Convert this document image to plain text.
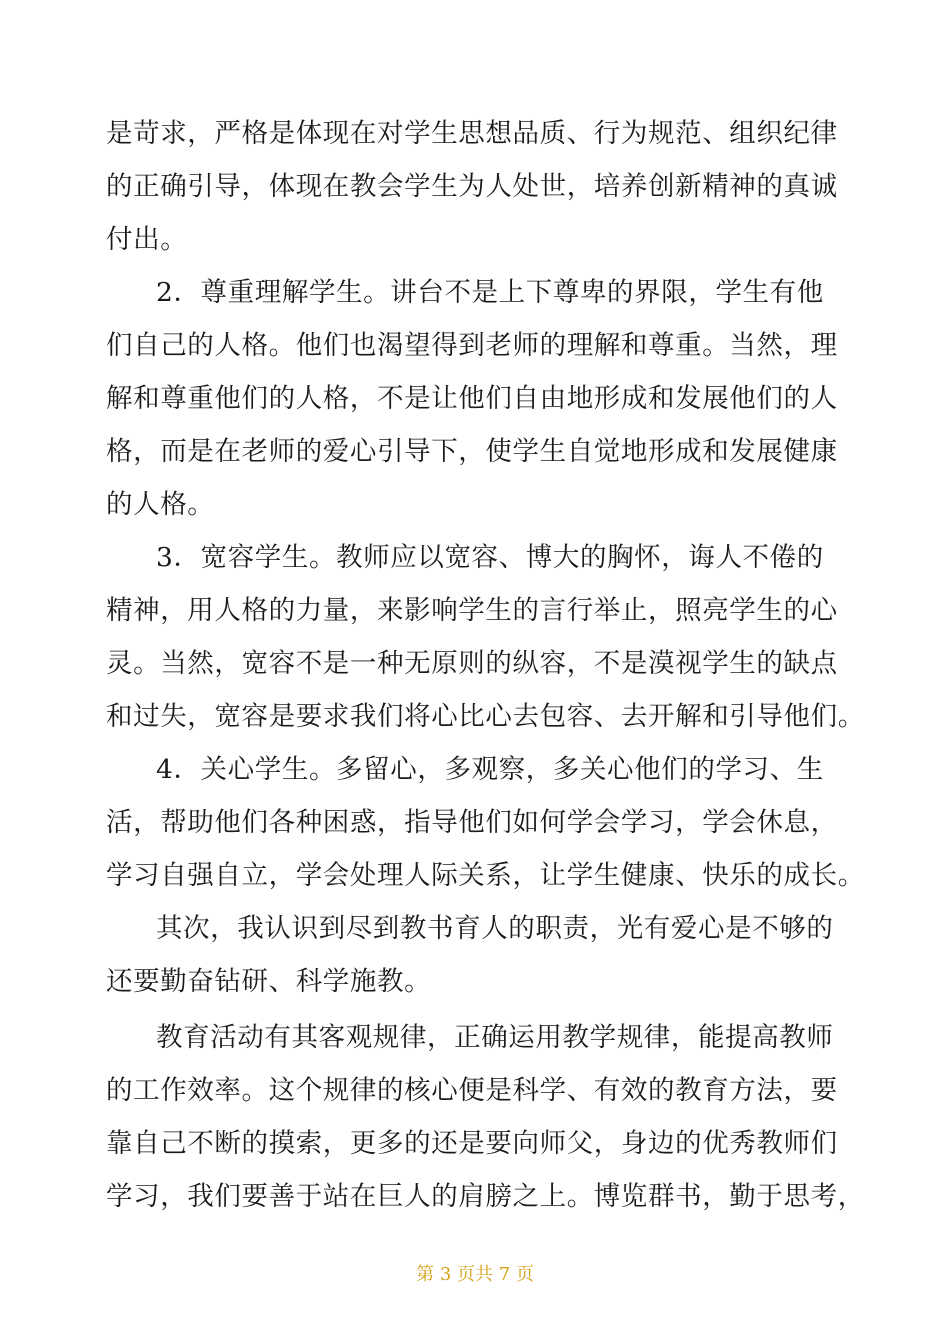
是苛求，严格是体现在对学生思想品质、行为规范、组织纪律
的正确引导，体现在教会学生为人处世，培养创新精神的真诚
付出。
2．尊重理解学生。讲台不是上下尊卑的界限，学生有他
们自己的人格。他们也渴望得到老师的理解和尊重。当然，理
解和尊重他们的人格，不是让他们自由地形成和发展他们的人
格，而是在老师的爱心引导下，使学生自觉地形成和发展健康
的人格。
3．宽容学生。教师应以宽容、博大的胸怀，诲人不倦的
精神，用人格的力量，来影响学生的言行举止，照亮学生的心
灵。当然，宽容不是一种无原则的纵容，不是漠视学生的缺点
和过失，宽容是要求我们将心比心去包容、去开解和引导他们。
4．关心学生。多留心，多观察，多关心他们的学习、生
活，帮助他们各种困惑，指导他们如何学会学习，学会休息，
学习自强自立，学会处理人际关系，让学生健康、快乐的成长。
其次，我认识到尽到教书育人的职责，光有爱心是不够的
还要勤奋钻研、科学施教。
教育活动有其客观规律，正确运用教学规律，能提高教师
的工作效率。这个规律的核心便是科学、有效的教育方法，要
靠自己不断的摸索，更多的还是要向师父，身边的优秀教师们
学习，我们要善于站在巨人的肩膀之上。博览群书，勤于思考，
第 3 页共 7 页
